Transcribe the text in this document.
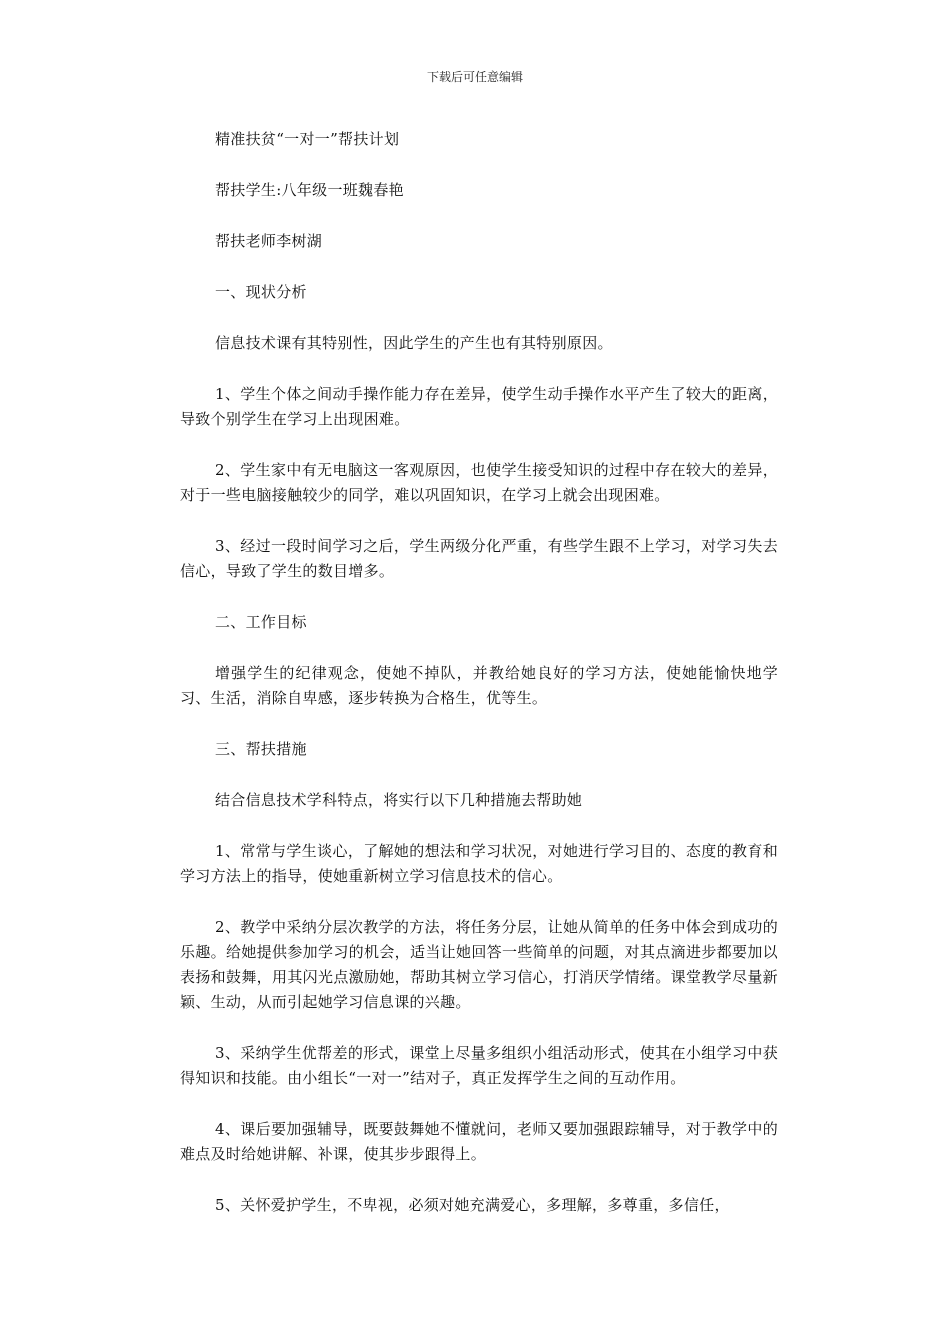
下载后可任意编辑

精准扶贫“一对一”帮扶计划

帮扶学生:八年级一班魏春艳

帮扶老师李树湖

一、现状分析

信息技术课有其特别性，因此学生的产生也有其特别原因。

1、学生个体之间动手操作能力存在差异，使学生动手操作水平产生了较大的距离，导致个别学生在学习上出现困难。

2、学生家中有无电脑这一客观原因，也使学生接受知识的过程中存在较大的差异，对于一些电脑接触较少的同学，难以巩固知识，在学习上就会出现困难。

3、经过一段时间学习之后，学生两级分化严重，有些学生跟不上学习，对学习失去信心，导致了学生的数目增多。

二、工作目标

增强学生的纪律观念，使她不掉队，并教给她良好的学习方法，使她能愉快地学习、生活，消除自卑感，逐步转换为合格生，优等生。

三、帮扶措施

结合信息技术学科特点，将实行以下几种措施去帮助她

1、常常与学生谈心，了解她的想法和学习状况，对她进行学习目的、态度的教育和学习方法上的指导，使她重新树立学习信息技术的信心。

2、教学中采纳分层次教学的方法，将任务分层，让她从简单的任务中体会到成功的乐趣。给她提供参加学习的机会，适当让她回答一些简单的问题，对其点滴进步都要加以表扬和鼓舞，用其闪光点激励她，帮助其树立学习信心，打消厌学情绪。课堂教学尽量新颖、生动，从而引起她学习信息课的兴趣。

3、采纳学生优帮差的形式，课堂上尽量多组织小组活动形式，使其在小组学习中获得知识和技能。由小组长“一对一”结对子，真正发挥学生之间的互动作用。

4、课后要加强辅导，既要鼓舞她不懂就问，老师又要加强跟踪辅导，对于教学中的难点及时给她讲解、补课，使其步步跟得上。

5、关怀爱护学生，不卑视，必须对她充满爱心，多理解，多尊重，多信任，
